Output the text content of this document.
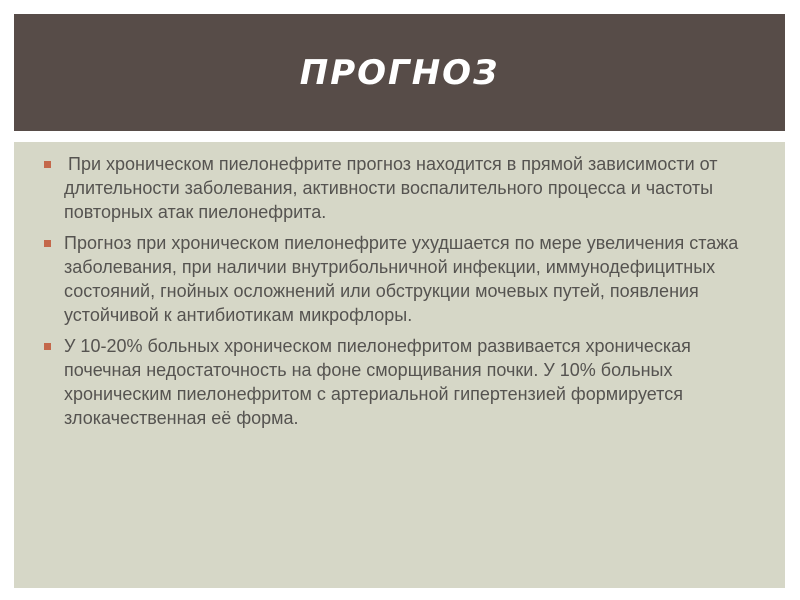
ПРОГНОЗ
При хроническом пиелонефрите прогноз находится в прямой зависимости от длительности заболевания, активности воспалительного процесса и частоты повторных атак пиелонефрита.
Прогноз при хроническом пиелонефрите ухудшается по мере увеличения стажа заболевания, при наличии внутрибольничной инфекции, иммунодефицитных состояний, гнойных осложнений или обструкции мочевых путей, появления устойчивой к антибиотикам микрофлоры.
У 10-20% больных хроническом пиелонефритом развивается хроническая почечная недостаточность на фоне сморщивания почки. У 10% больных хроническим пиелонефритом с артериальной гипертензией формируется злокачественная её форма.
